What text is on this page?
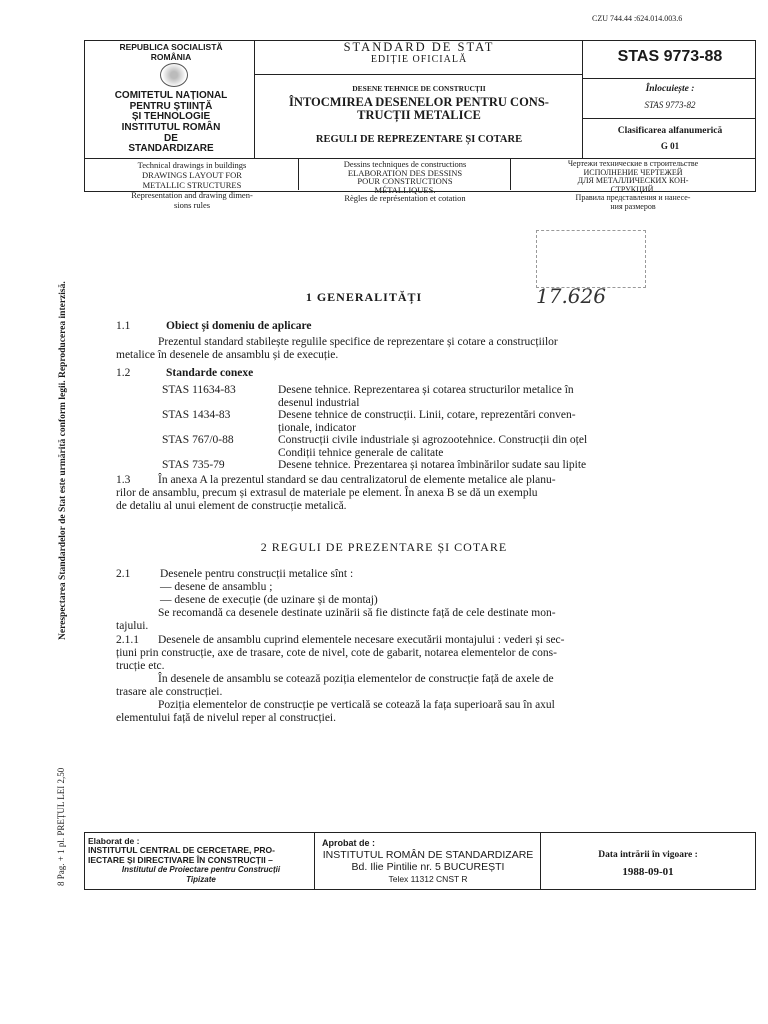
CZU 744.44 :624.014.003.6
REPUBLICA SOCIALISTĂ
ROMÂNIA
COMITETUL NAȚIONAL
PENTRU ȘTIINȚĂ
ȘI TEHNOLOGIE
INSTITUTUL ROMÂN
DE
STANDARDIZARE
STANDARD DE STAT
EDIȚIE OFICIALĂ
DESENE TEHNICE DE CONSTRUCȚII
ÎNTOCMIREA DESENELOR PENTRU CONS-
TRUCȚII METALICE
REGULI DE REPREZENTARE ȘI COTARE
STAS 9773-88
Înlocuiește :
STAS 9773-82
Clasificarea alfanumerică
G 01
Technical drawings in buildings
DRAWINGS LAYOUT FOR
METALLIC STRUCTURES
Representation and drawing dimen-
sions rules
Dessins techniques de constructions
ELABORATION DES DESSINS
POUR CONSTRUCTIONS
MÉTALLIQUES.
Règles de représentation et cotation
Чертежи технические в строительстве
ИСПОЛНЕНИЕ ЧЕРТЕЖЕЙ
ДЛЯ МЕТАЛЛИЧЕСКИХ КОН-
СТРУКЦИЙ.
Правила представления и нанесе-
ния размеров
17.626
1 GENERALITĂȚI
1.1	Obiect și domeniu de aplicare
Prezentul standard stabilește regulile specifice de reprezentare și cotare a construcțiilor
metalice în desenele de ansamblu și de execuție.
1.2	Standarde conexe
STAS 11634-83	Desene tehnice. Reprezentarea și cotarea structurilor metalice în
desenul industrial
STAS 1434-83	Desene tehnice de construcții. Linii, cotare, reprezentări conven-
ționale, indicator
STAS 767/0-88	Construcții civile industriale și agrozootehnice. Construcții din oțel
Condiții tehnice generale de calitate
STAS 735-79	Desene tehnice. Prezentarea și notarea îmbinărilor sudate sau lipite
1.3	În anexa A la prezentul standard se dau centralizatorul de elemente metalice ale planu-
rilor de ansamblu, precum și extrasul de materiale pe element. În anexa B se dă un exemplu
de detaliu al unui element de construcție metalică.
2 REGULI DE PREZENTARE ȘI COTARE
2.1	Desenele pentru construcții metalice sînt :
— desene de ansamblu ;
— desene de execuție (de uzinare și de montaj)
Se recomandă ca desenele destinate uzinării să fie distincte față de cele destinate mon-
tajului.
2.1.1	Desenele de ansamblu cuprind elementele necesare executării montajului : vederi și sec-
țiuni prin construcție, axe de trasare, cote de nivel, cote de gabarit, notarea elementelor de cons-
trucție etc.
În desenele de ansamblu se cotează poziția elementelor de construcție față de axele de
trasare ale construcției.
Poziția elementelor de construcție pe verticală se cotează la fața superioară sau în axul
elementului față de nivelul reper al construcției.
Elaborat de :
INSTITUTUL CENTRAL DE CERCETARE, PRO-
IECTARE ȘI DIRECTIVARE ÎN CONSTRUCȚII –
Institutul de Proiectare pentru Construcții
Tipizate
Aprobat de :
INSTITUTUL ROMÂN DE STANDARDIZARE
Bd. Ilie Pintilie nr. 5 BUCUREȘTI
Telex 11312 CNST R
Data intrării în vigoare :
1988-09-01
8 Pag. + 1 pl. PREȚUL LEI 2,50
Nerespectarea Standardelor de Stat este urmărită conform legii. Reproducerea interzisă.
